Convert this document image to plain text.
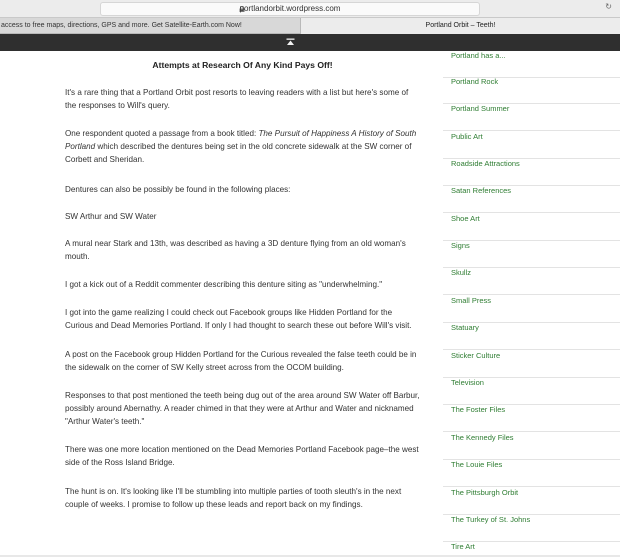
portlandorbit.wordpress.com	↻
access to free maps, directions, GPS and more. Get Satellite-Earth.com Now!	Portland Orbit – Teeth!
Attempts at Research Of Any Kind Pays Off!

It's a rare thing that a Portland Orbit post resorts to leaving readers with a list but here's some of the responses to Will's query.

One respondent quoted a passage from a book titled: The Pursuit of Happiness A History of South Portland which described the dentures being set in the old concrete sidewalk at the SW corner of Corbett and Sheridan.

Dentures can also be possibly be found in the following places:

SW Arthur and SW Water

A mural near Stark and 13th, was described as having a 3D denture flying from an old woman's mouth.

I got a kick out of a Reddit commenter describing this denture siting as "underwhelming."

I got into the game realizing I could check out Facebook groups like Hidden Portland for the Curious and Dead Memories Portland. If only I had thought to search these out before Will's visit.

A post on the Facebook group Hidden Portland for the Curious revealed the false teeth could be in the sidewalk on the corner of SW Kelly street across from the OCOM building.

Responses to that post mentioned the teeth being dug out of the area around SW Water off Barbur, possibly around Abernathy. A reader chimed in that they were at Arthur and Water and nicknamed "Arthur Water's teeth."

There was one more location mentioned on the Dead Memories Portland Facebook page–the west side of the Ross Island Bridge.

The hunt is on. It's looking like I'll be stumbling into multiple parties of tooth sleuth's in the next couple of weeks. I promise to follow up these leads and report back on my findings.

Portland has a...
Portland Rock
Portland Summer
Public Art
Roadside Attractions
Satan References
Shoe Art
Signs
Skullz
Small Press
Statuary
Sticker Culture
Television
The Foster Files
The Kennedy Files
The Louie Files
The Pittsburgh Orbit
The Turkey of St. Johns
Tire Art
